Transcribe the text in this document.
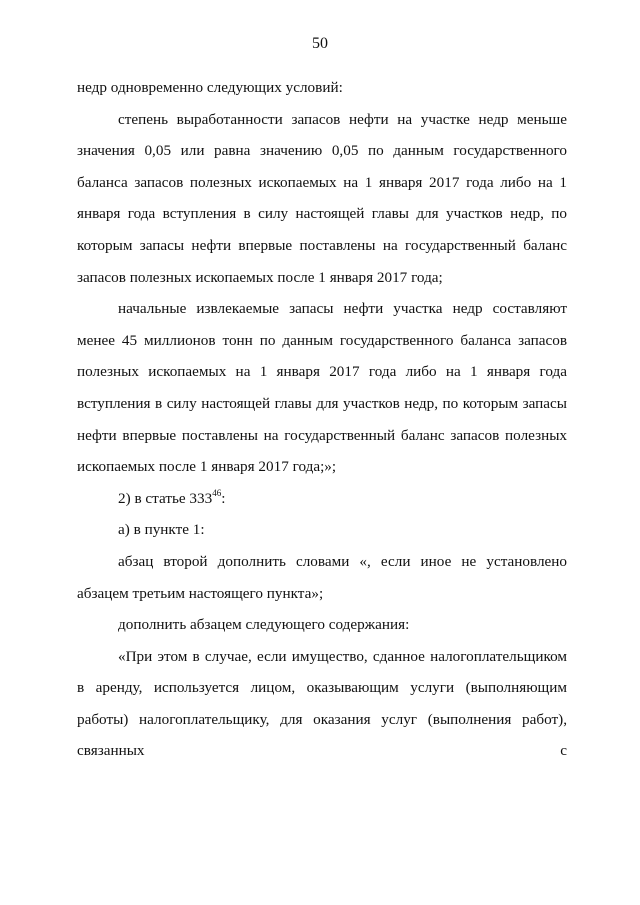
50

недр одновременно следующих условий:

степень выработанности запасов нефти на участке недр меньше значения 0,05 или равна значению 0,05 по данным государственного баланса запасов полезных ископаемых на 1 января 2017 года либо на 1 января года вступления в силу настоящей главы для участков недр, по которым запасы нефти впервые поставлены на государственный баланс запасов полезных ископаемых после 1 января 2017 года;

начальные извлекаемые запасы нефти участка недр составляют менее 45 миллионов тонн по данным государственного баланса запасов полезных ископаемых на 1 января 2017 года либо на 1 января года вступления в силу настоящей главы для участков недр, по которым запасы нефти впервые поставлены на государственный баланс запасов полезных ископаемых после 1 января 2017 года;»;

2) в статье $333^{46}$:

а) в пункте 1:

абзац второй дополнить словами «, если иное не установлено абзацем третьим настоящего пункта»;

дополнить абзацем следующего содержания:

«При этом в случае, если имущество, сданное налогоплательщиком в аренду, используется лицом, оказывающим услуги (выполняющим работы) налогоплательщику, для оказания услуг (выполнения работ), связанных с
